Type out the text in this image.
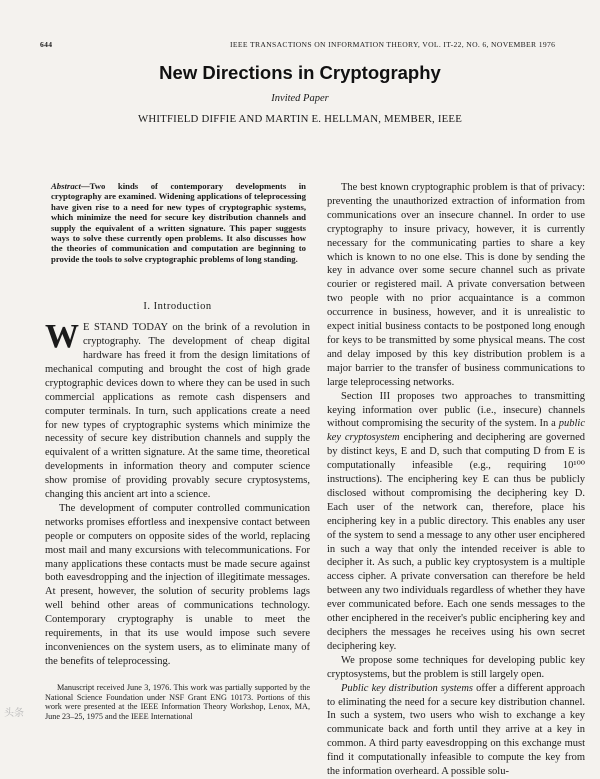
644	IEEE TRANSACTIONS ON INFORMATION THEORY, VOL. IT-22, NO. 6, NOVEMBER 1976
New Directions in Cryptography
Invited Paper
WHITFIELD DIFFIE AND MARTIN E. HELLMAN, MEMBER, IEEE

Abstract—Two kinds of contemporary developments in cryptography are examined. Widening applications of teleprocessing have given rise to a need for new types of cryptographic systems, which minimize the need for secure key distribution channels and supply the equivalent of a written signature. This paper suggests ways to solve these currently open problems. It also discusses how the theories of communication and computation are beginning to provide the tools to solve cryptographic problems of long standing.

I. Introduction

W E STAND TODAY on the brink of a revolution in cryptography. The development of cheap digital hardware has freed it from the design limitations of mechanical computing and brought the cost of high grade cryptographic devices down to where they can be used in such commercial applications as remote cash dispensers and computer terminals. In turn, such applications create a need for new types of cryptographic systems which minimize the necessity of secure key distribution channels and supply the equivalent of a written signature. At the same time, theoretical developments in information theory and computer science show promise of providing provably secure cryptosystems, changing this ancient art into a science.

The development of computer controlled communication networks promises effortless and inexpensive contact between people or computers on opposite sides of the world, replacing most mail and many excursions with telecommunications. For many applications these contacts must be made secure against both eavesdropping and the injection of illegitimate messages. At present, however, the solution of security problems lags well behind other areas of communications technology. Contemporary cryptography is unable to meet the requirements, in that its use would impose such severe inconveniences on the system users, as to eliminate many of the benefits of teleprocessing.

Manuscript received June 3, 1976. This work was partially supported by the National Science Foundation under NSF Grant ENG 10173. Portions of this work were presented at the IEEE Information Theory Workshop, Lenox, MA, June 23–25, 1975 and the IEEE International

The best known cryptographic problem is that of privacy: preventing the unauthorized extraction of information from communications over an insecure channel. In order to use cryptography to insure privacy, however, it is currently necessary for the communicating parties to share a key which is known to no one else. This is done by sending the key in advance over some secure channel such as private courier or registered mail. A private conversation between two people with no prior acquaintance is a common occurrence in business, however, and it is unrealistic to expect initial business contacts to be postponed long enough for keys to be transmitted by some physical means. The cost and delay imposed by this key distribution problem is a major barrier to the transfer of business communications to large teleprocessing networks.

Section III proposes two approaches to transmitting keying information over public (i.e., insecure) channels without compromising the security of the system. In a public key cryptosystem enciphering and deciphering are governed by distinct keys, E and D, such that computing D from E is computationally infeasible (e.g., requiring 10¹⁰⁰ instructions). The enciphering key E can thus be publicly disclosed without compromising the deciphering key D. Each user of the network can, therefore, place his enciphering key in a public directory. This enables any user of the system to send a message to any other user enciphered in such a way that only the intended receiver is able to decipher it. As such, a public key cryptosystem is a multiple access cipher. A private conversation can therefore be held between any two individuals regardless of whether they have ever communicated before. Each one sends messages to the other enciphered in the receiver's public enciphering key and deciphers the messages he receives using his own secret deciphering key.

We propose some techniques for developing public key cryptosystems, but the problem is still largely open.

Public key distribution systems offer a different approach to eliminating the need for a secure key distribution channel. In such a system, two users who wish to exchange a key communicate back and forth until they arrive at a key in common. A third party eavesdropping on this exchange must find it computationally infeasible to compute the key from the information overheard. A possible solu-

头条
